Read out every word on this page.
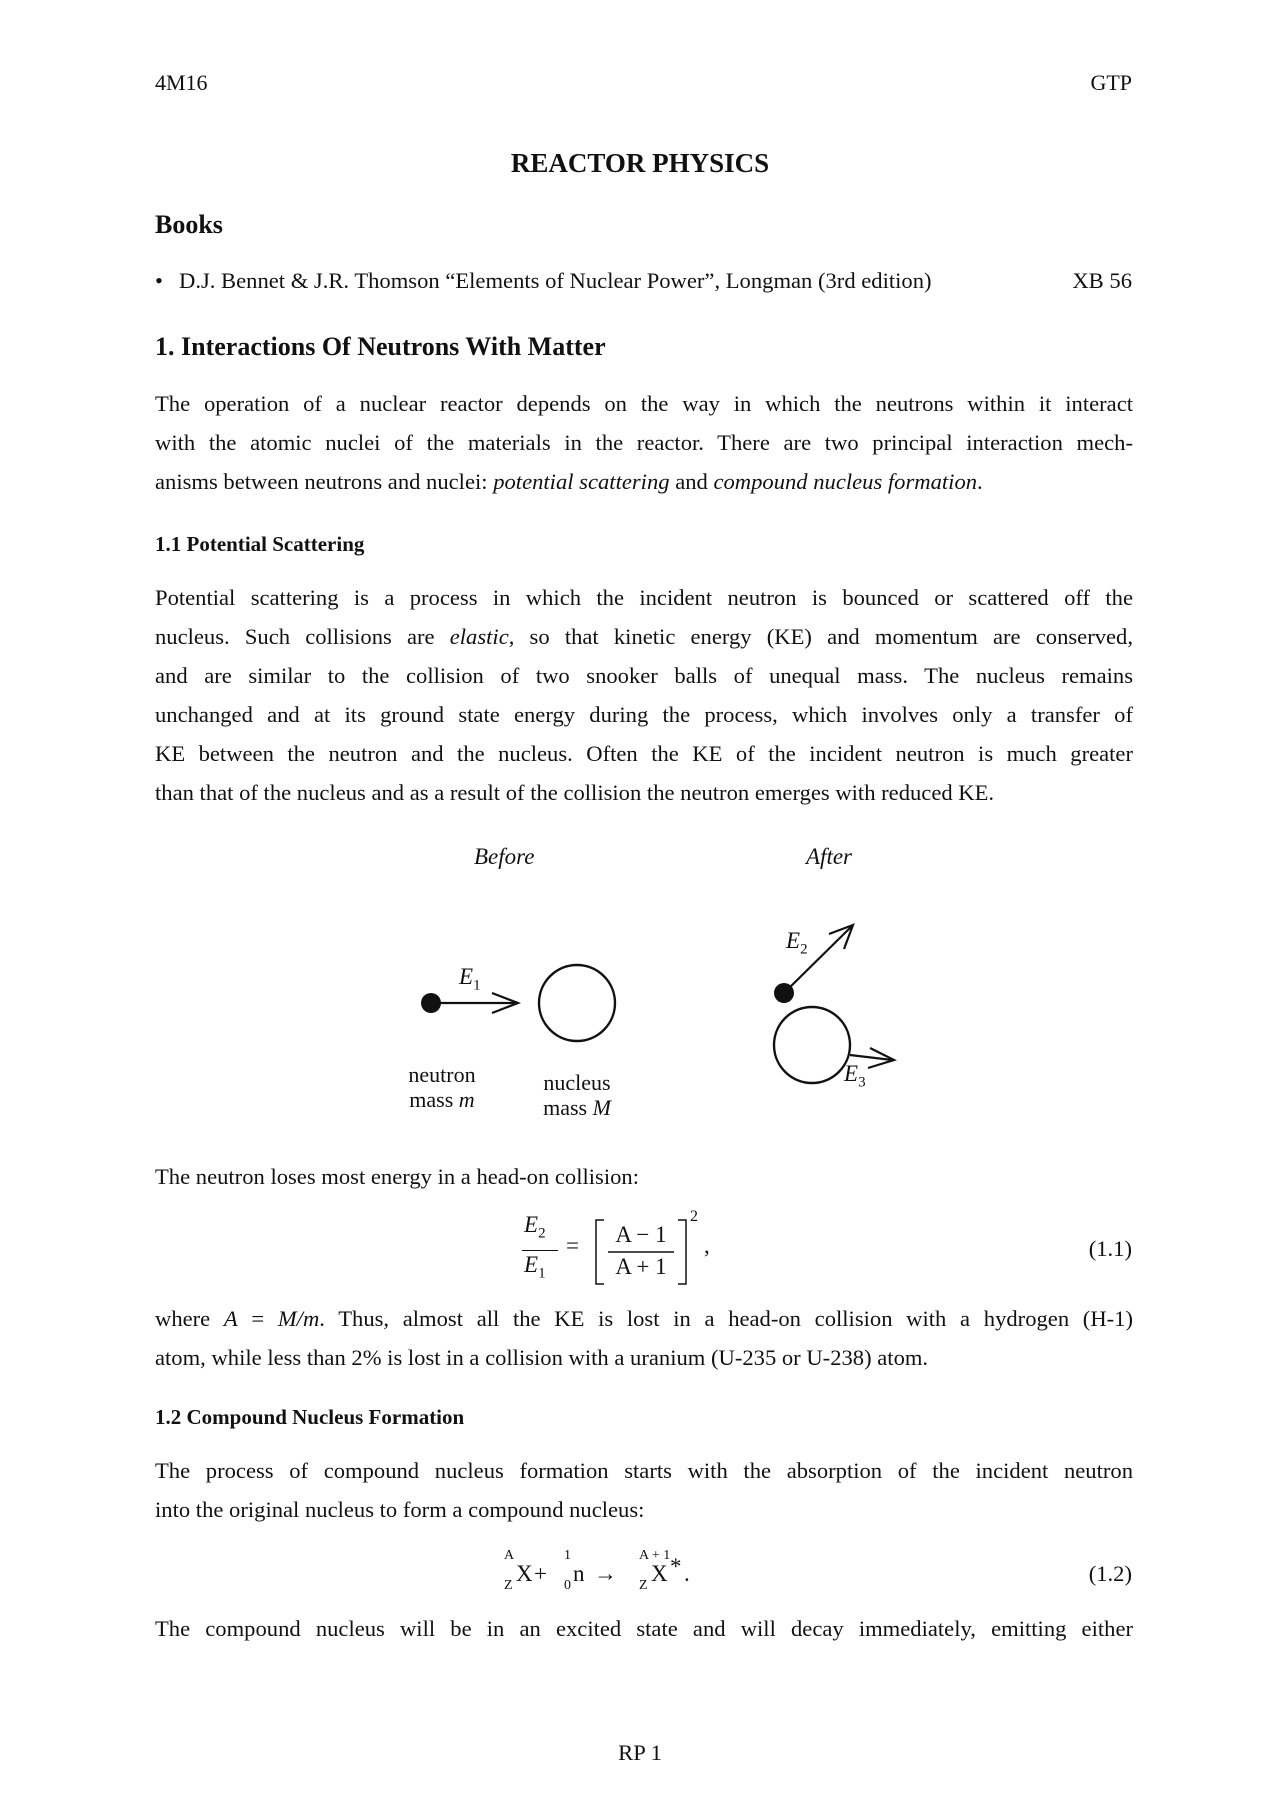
4M16	GTP
REACTOR PHYSICS
Books
• D.J. Bennet & J.R. Thomson “Elements of Nuclear Power”, Longman (3rd edition)	XB 56
1. Interactions Of Neutrons With Matter
The operation of a nuclear reactor depends on the way in which the neutrons within it interact
with the atomic nuclei of the materials in the reactor. There are two principal interaction mech-
anisms between neutrons and nuclei: potential scattering and compound nucleus formation.
1.1 Potential Scattering
Potential scattering is a process in which the incident neutron is bounced or scattered off the
nucleus. Such collisions are elastic, so that kinetic energy (KE) and momentum are conserved,
and are similar to the collision of two snooker balls of unequal mass. The nucleus remains
unchanged and at its ground state energy during the process, which involves only a transfer of
KE between the neutron and the nucleus. Often the KE of the incident neutron is much greater
than that of the nucleus and as a result of the collision the neutron emerges with reduced KE.
Before	After
$E_1$
$E_2$
$E_3$
neutron
mass m
nucleus
mass M
The neutron loses most energy in a head-on collision:
$E_2$
$E_1$
=	A − 1
A + 1
2
,	(1.1)
where A = M/m. Thus, almost all the KE is lost in a head-on collision with a hydrogen (H-1)
atom, while less than 2% is lost in a collision with a uranium (U-235 or U-238) atom.
1.2 Compound Nucleus Formation
The process of compound nucleus formation starts with the absorption of the incident neutron
into the original nucleus to form a compound nucleus:
A
Z X +
1
0 n →
A + 1
Z X * .	(1.2)
The compound nucleus will be in an excited state and will decay immediately, emitting either
RP 1
